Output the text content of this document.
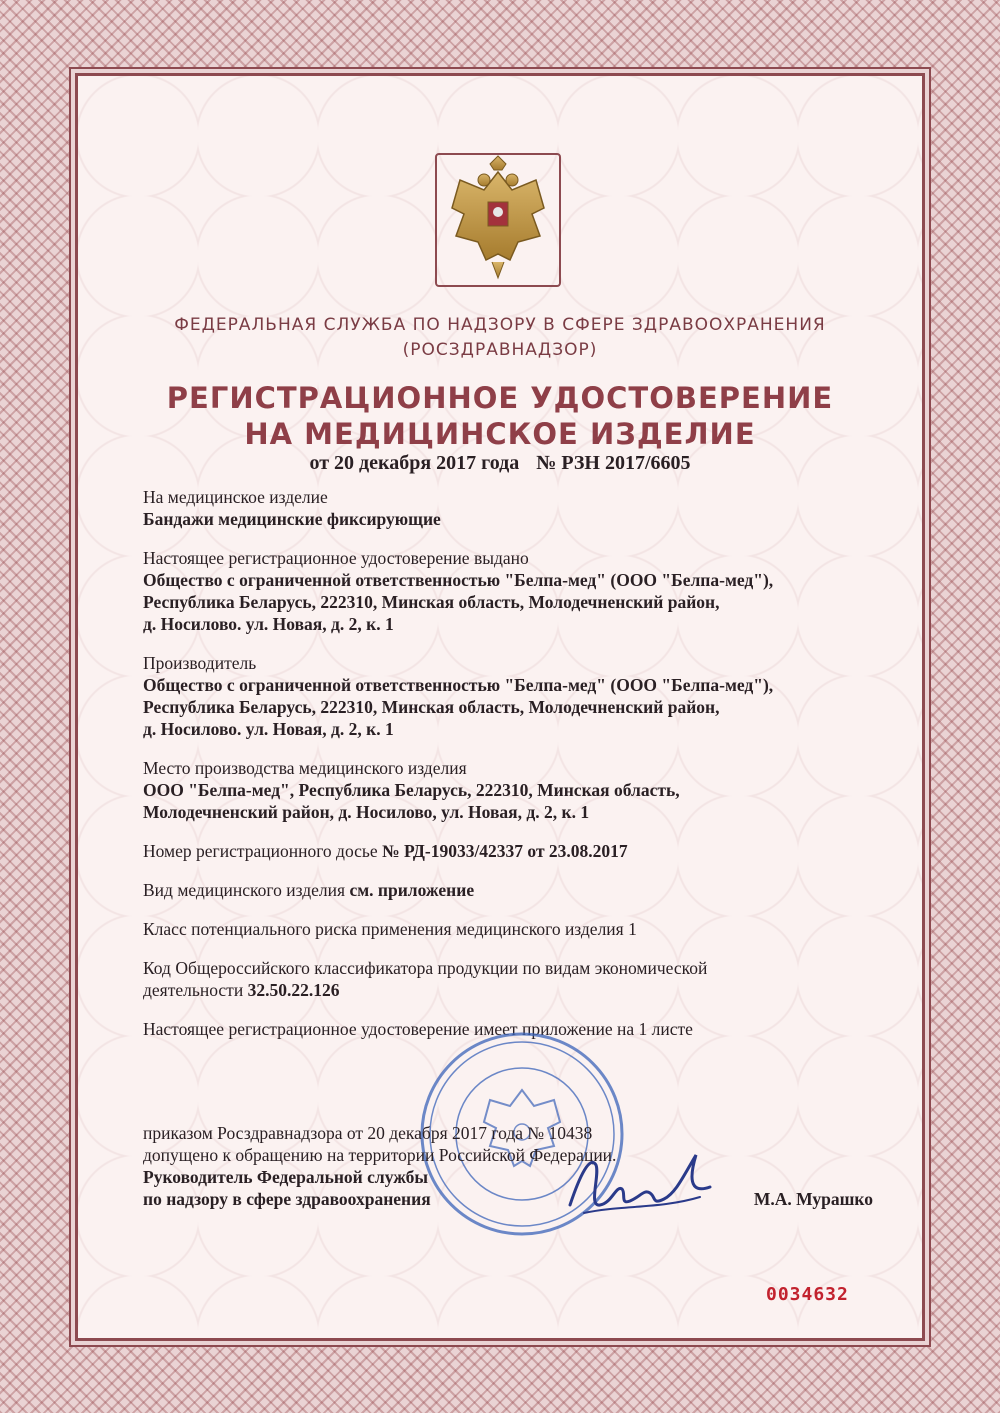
ФЕДЕРАЛЬНАЯ СЛУЖБА ПО НАДЗОРУ В СФЕРЕ ЗДРАВООХРАНЕНИЯ
(РОСЗДРАВНАДЗОР)
РЕГИСТРАЦИОННОЕ УДОСТОВЕРЕНИЕ
НА МЕДИЦИНСКОЕ ИЗДЕЛИЕ
от 20 декабря 2017 года № РЗН 2017/6605
На медицинское изделие
Бандажи медицинские фиксирующие
Настоящее регистрационное удостоверение выдано
Общество с ограниченной ответственностью "Белпа-мед" (ООО "Белпа-мед"),
Республика Беларусь, 222310, Минская область, Молодечненский район,
д. Носилово. ул. Новая, д. 2, к. 1
Производитель
Общество с ограниченной ответственностью "Белпа-мед" (ООО "Белпа-мед"),
Республика Беларусь, 222310, Минская область, Молодечненский район,
д. Носилово. ул. Новая, д. 2, к. 1
Место производства медицинского изделия
ООО "Белпа-мед", Республика Беларусь, 222310, Минская область,
Молодечненский район, д. Носилово, ул. Новая, д. 2, к. 1
Номер регистрационного досье № РД-19033/42337 от 23.08.2017
Вид медицинского изделия см. приложение
Класс потенциального риска применения медицинского изделия 1
Код Общероссийского классификатора продукции по видам экономической
деятельности 32.50.22.126
Настоящее регистрационное удостоверение имеет приложение на 1 листе
приказом Росздравнадзора от 20 декабря 2017 года № 10438
допущено к обращению на территории Российской Федерации.
Руководитель Федеральной службы
по надзору в сфере здравоохранения	М.А. Мурашко
0034632
